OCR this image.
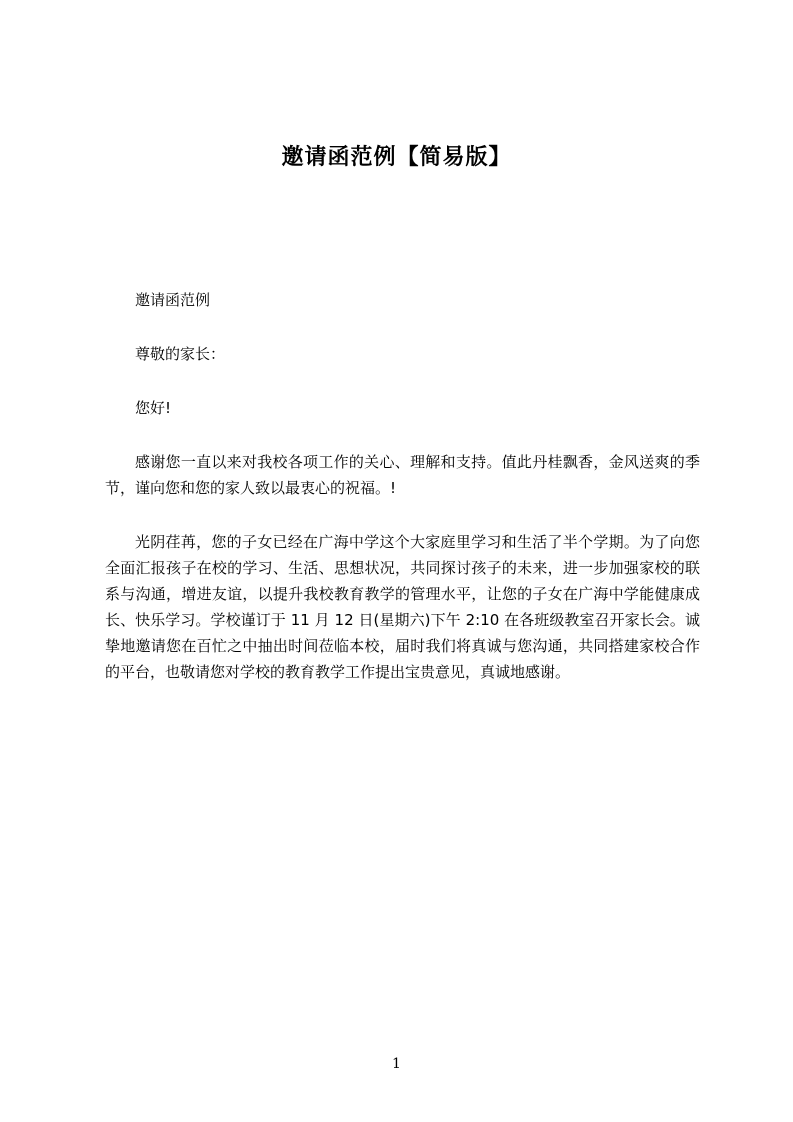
邀请函范例【简易版】

邀请函范例

尊敬的家长：

您好!

感谢您一直以来对我校各项工作的关心、理解和支持。值此丹桂飘香，金风送爽的季节，谨向您和您的家人致以最衷心的祝福。!

光阴荏苒，您的子女已经在广海中学这个大家庭里学习和生活了半个学期。为了向您全面汇报孩子在校的学习、生活、思想状况，共同探讨孩子的未来，进一步加强家校的联系与沟通，增进友谊，以提升我校教育教学的管理水平，让您的子女在广海中学能健康成长、快乐学习。学校谨订于 11 月 12 日(星期六)下午 2:10 在各班级教室召开家长会。诚挚地邀请您在百忙之中抽出时间莅临本校，届时我们将真诚与您沟通，共同搭建家校合作的平台，也敬请您对学校的教育教学工作提出宝贵意见，真诚地感谢。

1
